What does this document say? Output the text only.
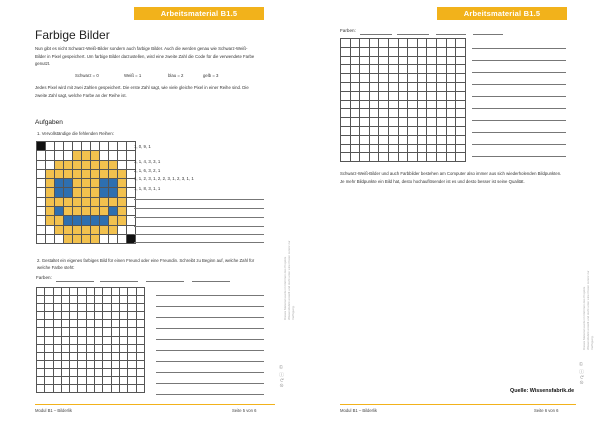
Arbeitsmaterial B1.5
Farbige Bilder
Nun gibt es nicht Schwarz-Weiß-Bilder sondern auch farbige Bilder. Auch die werden genau wie Schwarz-Weiß-Bilder in Pixel gespeichert. Um farbige Bilder darzustellen, wird eine zweite Zahl die Code für die verwendete Farbe genutzt.
Schwarz = 0	Weiß = 1	blau = 2	gelb = 3
Jedes Pixel wird mit zwei Zahlen gespeichert. Die erste Zahl sagt, wie viele gleiche Pixel in einer Reihe sind. Die zweite Zahl sagt, welche Farbe an der Reihe ist.
Aufgaben
1. Vervollständige die fehlenden Reihen:
1, 0, 9, 1
3, 1, 4, 3, 3, 1
2, 1, 6, 3, 2, 1
1, 1, 2, 3, 1, 2, 2, 3, 1, 2, 3, 1, 1
1, 1, 8, 3, 1, 1
2. Gestaltet ein eigenes farbiges Bild für einen Freund oder eine Freundin. Schreibt zu Beginn auf, welche Zahl für welche Farbe steht:
Farben:	Dieses Material wurde im Rahmen des Projekts Wissensfabrik erstellt und steht unter einer freien Lizenz zur Verfügung.
©ⓘ↻⊘
Modul B1 – Bilderlik	Seite 5 von 6
Arbeitsmaterial B1.5
Farben:
Schwarz-Weiß-Bilder und auch Farbbilder bestehen am Computer also immer aus sich wiederholenden Bildpunkten. Je mehr Bildpunkte ein Bild hat, desto hochauflösender ist es und desto besser ist seine Qualität.
Dieses Material wurde im Rahmen des Projekts Wissensfabrik erstellt und steht unter einer freien Lizenz zur Verfügung.
©ⓘ↻⊘
Modul B1 – Bilderlik	Seite 6 von 6
Quelle: Wissensfabrik.de
